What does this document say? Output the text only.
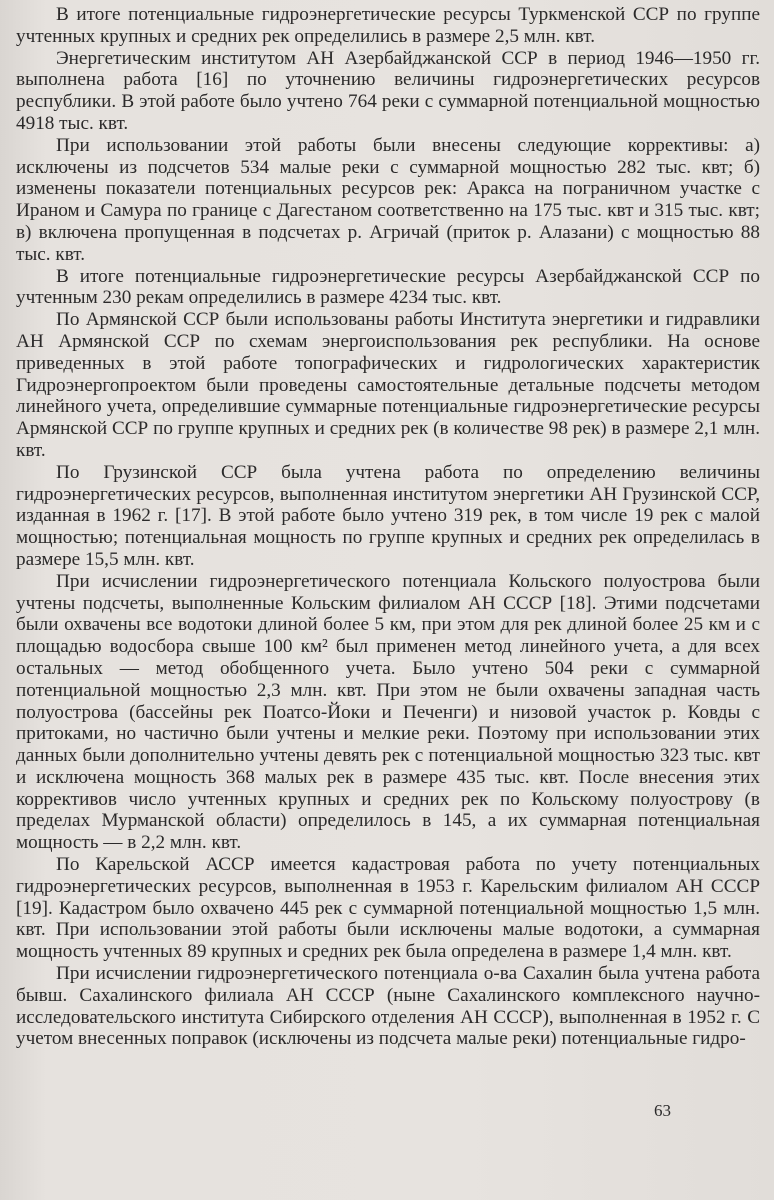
В итоге потенциальные гидроэнергетические ресурсы Туркменской ССР по группе учтенных крупных и средних рек определились в размере 2,5 млн. квт.

Энергетическим институтом АН Азербайджанской ССР в период 1946—1950 гг. выполнена работа [16] по уточнению величины гидроэнергетических ресурсов республики. В этой работе было учтено 764 реки с суммарной потенциальной мощностью 4918 тыс. квт.

При использовании этой работы были внесены следующие коррективы: а) исключены из подсчетов 534 малые реки с суммарной мощностью 282 тыс. квт; б) изменены показатели потенциальных ресурсов рек: Аракса на пограничном участке с Ираном и Самура по границе с Дагестаном соответственно на 175 тыс. квт и 315 тыс. квт; в) включена пропущенная в подсчетах р. Агричай (приток р. Алазани) с мощностью 88 тыс. квт.

В итоге потенциальные гидроэнергетические ресурсы Азербайджанской ССР по учтенным 230 рекам определились в размере 4234 тыс. квт.

По Армянской ССР были использованы работы Института энергетики и гидравлики АН Армянской ССР по схемам энергоиспользования рек республики. На основе приведенных в этой работе топографических и гидрологических характеристик Гидроэнергопроектом были проведены самостоятельные детальные подсчеты методом линейного учета, определившие суммарные потенциальные гидроэнергетические ресурсы Армянской ССР по группе крупных и средних рек (в количестве 98 рек) в размере 2,1 млн. квт.

По Грузинской ССР была учтена работа по определению величины гидроэнергетических ресурсов, выполненная институтом энергетики АН Грузинской ССР, изданная в 1962 г. [17]. В этой работе было учтено 319 рек, в том числе 19 рек с малой мощностью; потенциальная мощность по группе крупных и средних рек определилась в размере 15,5 млн. квт.

При исчислении гидроэнергетического потенциала Кольского полуострова были учтены подсчеты, выполненные Кольским филиалом АН СССР [18]. Этими подсчетами были охвачены все водотоки длиной более 5 км, при этом для рек длиной более 25 км и с площадью водосбора свыше 100 км² был применен метод линейного учета, а для всех остальных — метод обобщенного учета. Было учтено 504 реки с суммарной потенциальной мощностью 2,3 млн. квт. При этом не были охвачены западная часть полуострова (бассейны рек Поатсо-Йоки и Печенги) и низовой участок р. Ковды с притоками, но частично были учтены и мелкие реки. Поэтому при использовании этих данных были дополнительно учтены девять рек с потенциальной мощностью 323 тыс. квт и исключена мощность 368 малых рек в размере 435 тыс. квт. После внесения этих коррективов число учтенных крупных и средних рек по Кольскому полуострову (в пределах Мурманской области) определилось в 145, а их суммарная потенциальная мощность — в 2,2 млн. квт.

По Карельской АССР имеется кадастровая работа по учету потенциальных гидроэнергетических ресурсов, выполненная в 1953 г. Карельским филиалом АН СССР [19]. Кадастром было охвачено 445 рек с суммарной потенциальной мощностью 1,5 млн. квт. При использовании этой работы были исключены малые водотоки, а суммарная мощность учтенных 89 крупных и средних рек была определена в размере 1,4 млн. квт.

При исчислении гидроэнергетического потенциала о-ва Сахалин была учтена работа бывш. Сахалинского филиала АН СССР (ныне Сахалинского комплексного научно-исследовательского института Сибирского отделения АН СССР), выполненная в 1952 г. С учетом внесенных поправок (исключены из подсчета малые реки) потенциальные гидро-

63
